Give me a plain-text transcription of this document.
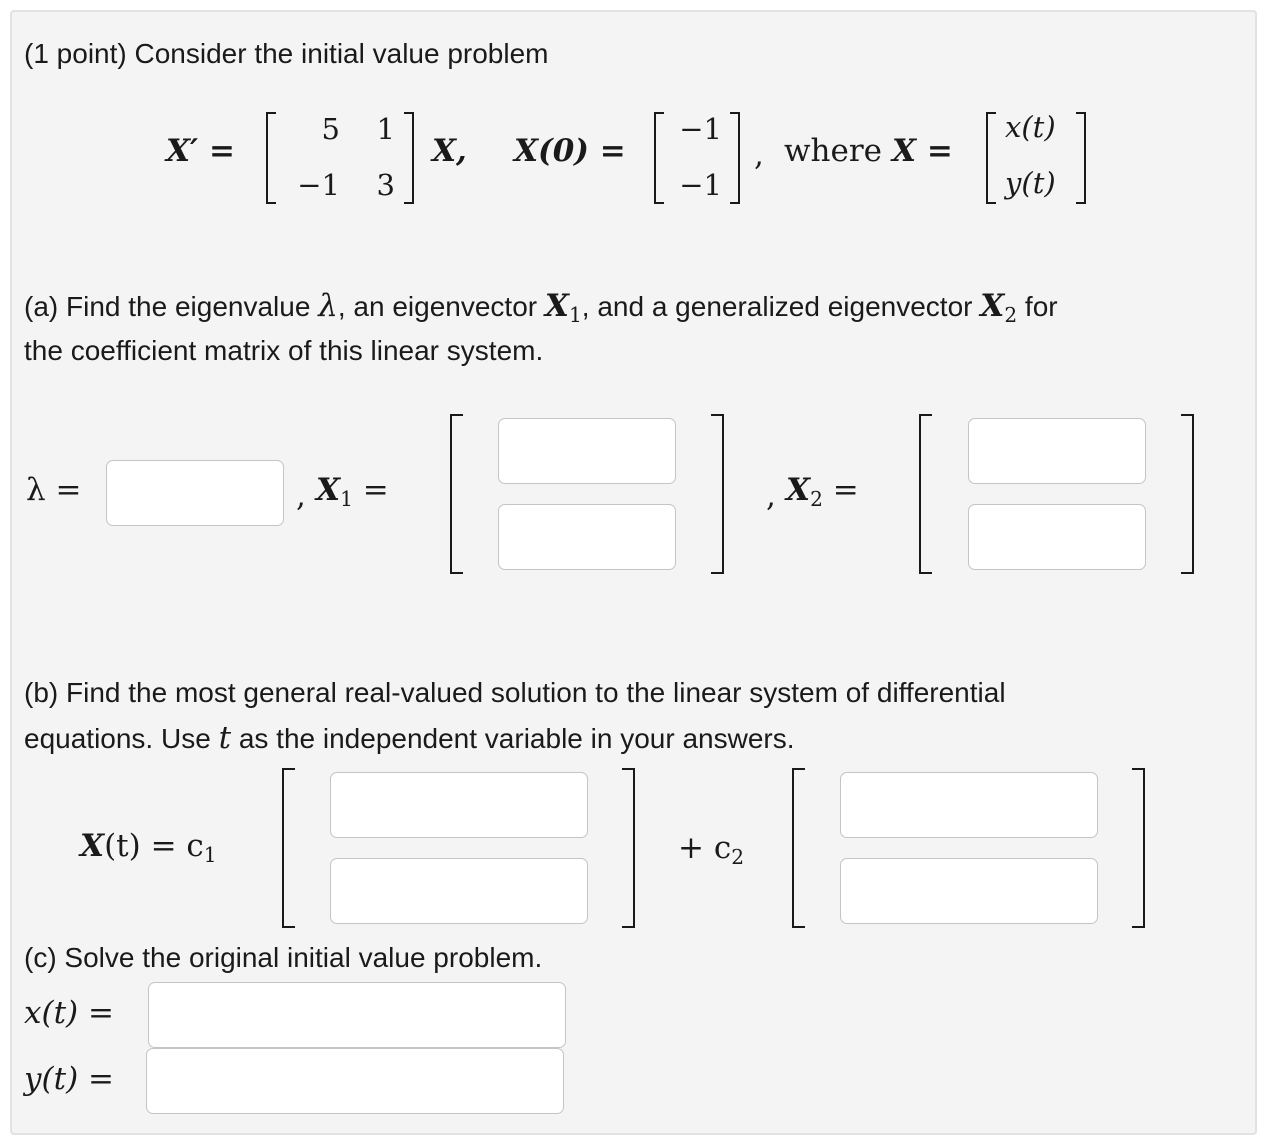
(1 point) Consider the initial value problem
X′ =
5	1
−1	3
X, X(0) =
−1
−1
, where X =
x(t)
y(t)
(a) Find the eigenvalue λ, an eigenvector $X_1$, and a generalized eigenvector $X_2$ for
the coefficient matrix of this linear system.
λ =	, $X_1$ =	, $X_2$ =
(b) Find the most general real-valued solution to the linear system of differential
equations. Use t as the independent variable in your answers.
$X(t) = c_1$	+ $c_2$
(c) Solve the original initial value problem.
x(t) =
y(t) =
